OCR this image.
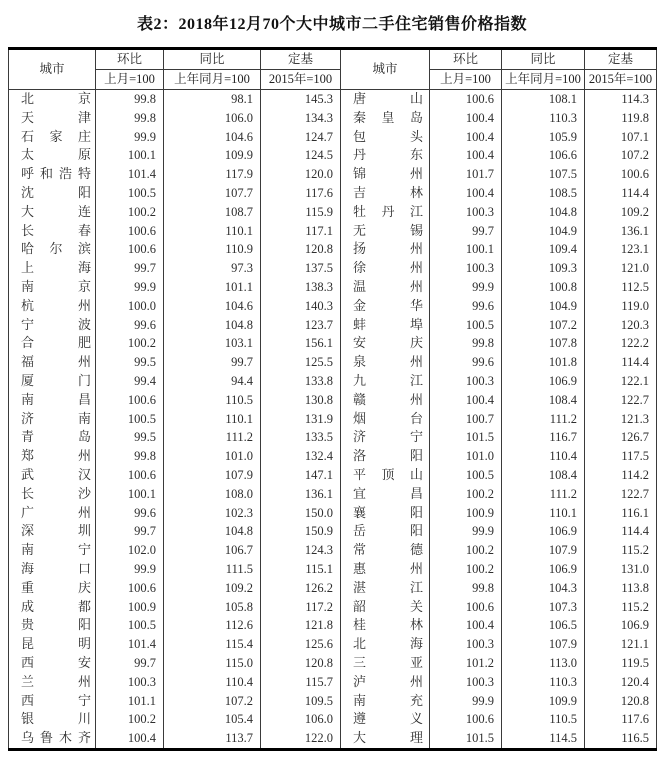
表2：2018年12月70个大中城市二手住宅销售价格指数
城市	环比	同比	定基	城市	环比	同比	定基
	上月=100	上年同月=100	2015年=100		上月=100	上年同月=100	2015年=100
北京	99.8	98.1	145.3	唐山	100.6	108.1	114.3
天津	99.8	106.0	134.3	秦皇岛	100.4	110.3	119.8
石家庄	99.9	104.6	124.7	包头	100.4	105.9	107.1
太原	100.1	109.9	124.5	丹东	100.4	106.6	107.2
呼和浩特	101.4	117.9	120.0	锦州	101.7	107.5	100.6
沈阳	100.5	107.7	117.6	吉林	100.4	108.5	114.4
大连	100.2	108.7	115.9	牡丹江	100.3	104.8	109.2
长春	100.6	110.1	117.1	无锡	99.7	104.9	136.1
哈尔滨	100.6	110.9	120.8	扬州	100.1	109.4	123.1
上海	99.7	97.3	137.5	徐州	100.3	109.3	121.0
南京	99.9	101.1	138.3	温州	99.9	100.8	112.5
杭州	100.0	104.6	140.3	金华	99.6	104.9	119.0
宁波	99.6	104.8	123.7	蚌埠	100.5	107.2	120.3
合肥	100.2	103.1	156.1	安庆	99.8	107.8	122.2
福州	99.5	99.7	125.5	泉州	99.6	101.8	114.4
厦门	99.4	94.4	133.8	九江	100.3	106.9	122.1
南昌	100.6	110.5	130.8	赣州	100.4	108.4	122.7
济南	100.5	110.1	131.9	烟台	100.7	111.2	121.3
青岛	99.5	111.2	133.5	济宁	101.5	116.7	126.7
郑州	99.8	101.0	132.4	洛阳	101.0	110.4	117.5
武汉	100.6	107.9	147.1	平顶山	100.5	108.4	114.2
长沙	100.1	108.0	136.1	宜昌	100.2	111.2	122.7
广州	99.6	102.3	150.0	襄阳	100.9	110.1	116.1
深圳	99.7	104.8	150.9	岳阳	99.9	106.9	114.4
南宁	102.0	106.7	124.3	常德	100.2	107.9	115.2
海口	99.9	111.5	115.1	惠州	100.2	106.9	131.0
重庆	100.6	109.2	126.2	湛江	99.8	104.3	113.8
成都	100.9	105.8	117.2	韶关	100.6	107.3	115.2
贵阳	100.5	112.6	121.8	桂林	100.4	106.5	106.9
昆明	101.4	115.4	125.6	北海	100.3	107.9	121.1
西安	99.7	115.0	120.8	三亚	101.2	113.0	119.5
兰州	100.3	110.4	115.7	泸州	100.3	110.3	120.4
西宁	101.1	107.2	109.5	南充	99.9	109.9	120.8
银川	100.2	105.4	106.0	遵义	100.6	110.5	117.6
乌鲁木齐	100.4	113.7	122.0	大理	101.5	114.5	116.5
